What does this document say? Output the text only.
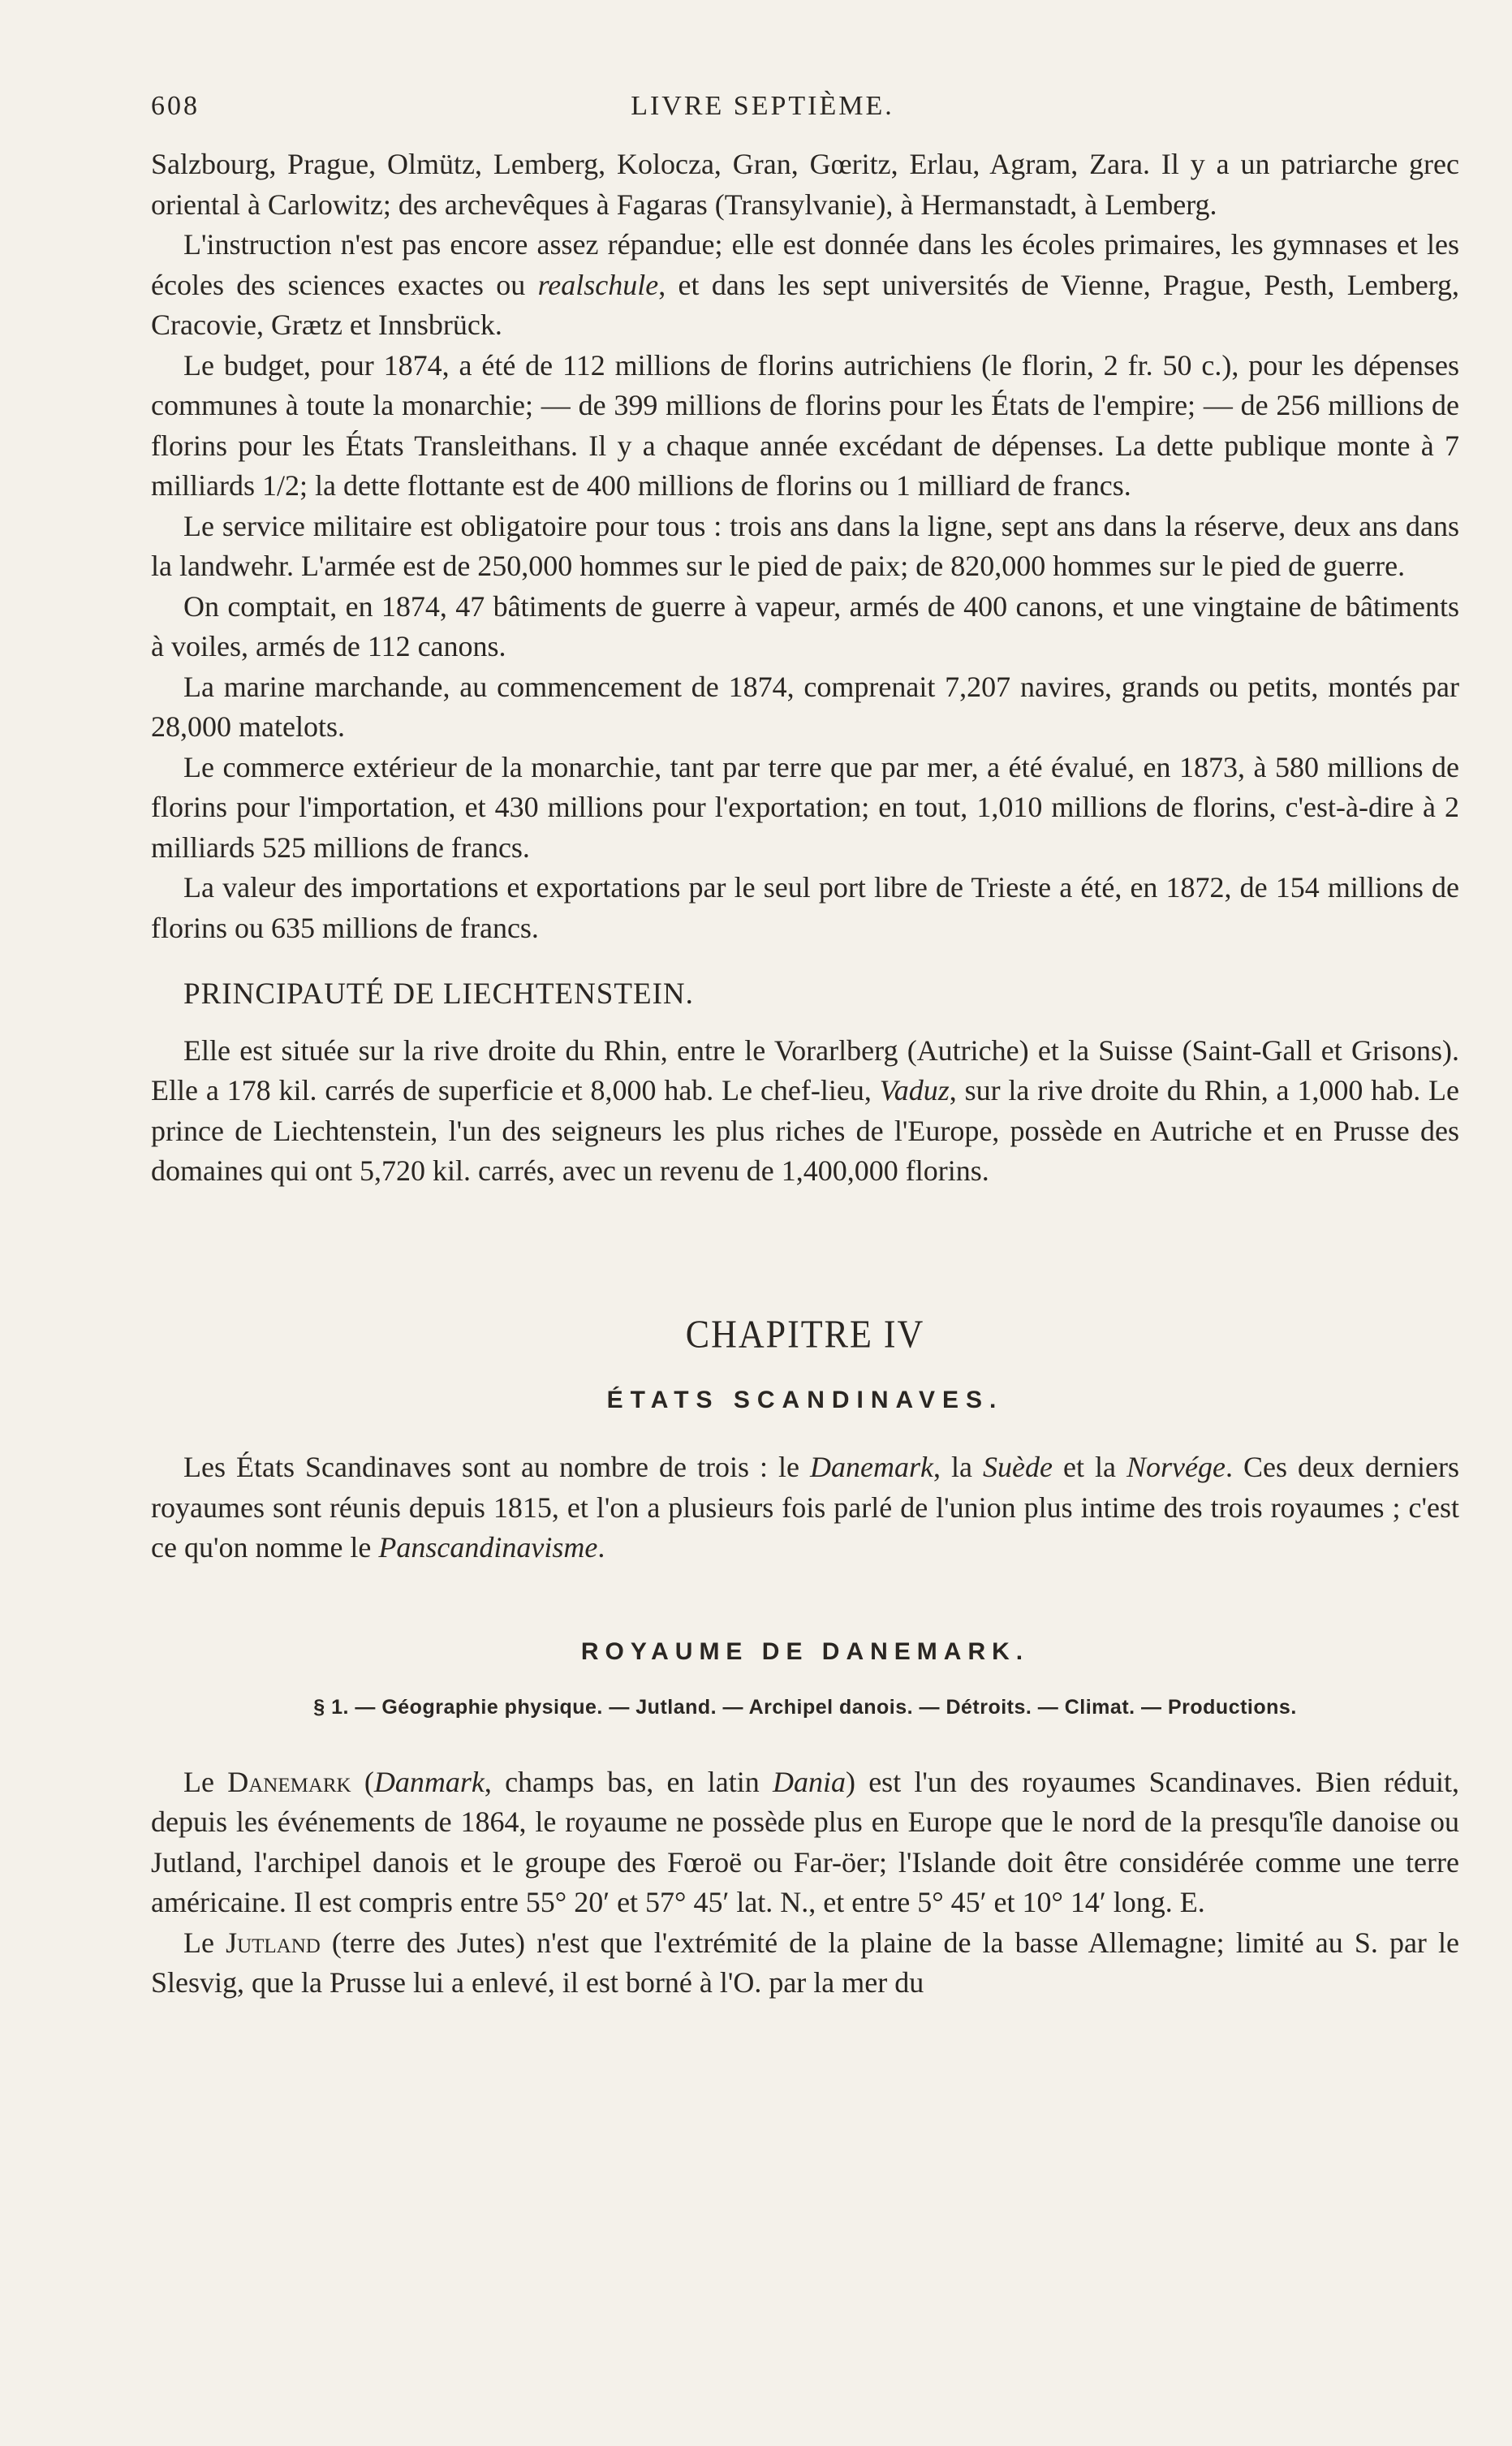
608	LIVRE SEPTIÈME.

Salzbourg, Prague, Olmütz, Lemberg, Kolocza, Gran, Gœritz, Erlau, Agram, Zara. Il y a un patriarche grec oriental à Carlowitz; des archevêques à Fagaras (Transylvanie), à Hermanstadt, à Lemberg.

L'instruction n'est pas encore assez répandue; elle est donnée dans les écoles primaires, les gymnases et les écoles des sciences exactes ou realschule, et dans les sept universités de Vienne, Prague, Pesth, Lemberg, Cracovie, Grætz et Innsbrück.

Le budget, pour 1874, a été de 112 millions de florins autrichiens (le florin, 2 fr. 50 c.), pour les dépenses communes à toute la monarchie; — de 399 millions de florins pour les États de l'empire; — de 256 millions de florins pour les États Transleithans. Il y a chaque année excédant de dépenses. La dette publique monte à 7 milliards 1/2; la dette flottante est de 400 millions de florins ou 1 milliard de francs.

Le service militaire est obligatoire pour tous : trois ans dans la ligne, sept ans dans la réserve, deux ans dans la landwehr. L'armée est de 250,000 hommes sur le pied de paix; de 820,000 hommes sur le pied de guerre.

On comptait, en 1874, 47 bâtiments de guerre à vapeur, armés de 400 canons, et une vingtaine de bâtiments à voiles, armés de 112 canons.

La marine marchande, au commencement de 1874, comprenait 7,207 navires, grands ou petits, montés par 28,000 matelots.

Le commerce extérieur de la monarchie, tant par terre que par mer, a été évalué, en 1873, à 580 millions de florins pour l'importation, et 430 millions pour l'exportation; en tout, 1,010 millions de florins, c'est-à-dire à 2 milliards 525 millions de francs.

La valeur des importations et exportations par le seul port libre de Trieste a été, en 1872, de 154 millions de florins ou 635 millions de francs.

PRINCIPAUTÉ DE LIECHTENSTEIN.

Elle est située sur la rive droite du Rhin, entre le Vorarlberg (Autriche) et la Suisse (Saint-Gall et Grisons). Elle a 178 kil. carrés de superficie et 8,000 hab. Le chef-lieu, Vaduz, sur la rive droite du Rhin, a 1,000 hab. Le prince de Liechtenstein, l'un des seigneurs les plus riches de l'Europe, possède en Autriche et en Prusse des domaines qui ont 5,720 kil. carrés, avec un revenu de 1,400,000 florins.

CHAPITRE IV
ÉTATS SCANDINAVES.

Les États Scandinaves sont au nombre de trois : le Danemark, la Suède et la Norvége. Ces deux derniers royaumes sont réunis depuis 1815, et l'on a plusieurs fois parlé de l'union plus intime des trois royaumes ; c'est ce qu'on nomme le Panscandinavisme.

ROYAUME DE DANEMARK.
§ 1. — Géographie physique. — Jutland. — Archipel danois. — Détroits. — Climat. — Productions.

Le Danemark (Danmark, champs bas, en latin Dania) est l'un des royaumes Scandinaves. Bien réduit, depuis les événements de 1864, le royaume ne possède plus en Europe que le nord de la presqu'île danoise ou Jutland, l'archipel danois et le groupe des Fœroë ou Far-öer; l'Islande doit être considérée comme une terre américaine. Il est compris entre 55° 20′ et 57° 45′ lat. N., et entre 5° 45′ et 10° 14′ long. E.

Le Jutland (terre des Jutes) n'est que l'extrémité de la plaine de la basse Allemagne; limité au S. par le Slesvig, que la Prusse lui a enlevé, il est borné à l'O. par la mer du
